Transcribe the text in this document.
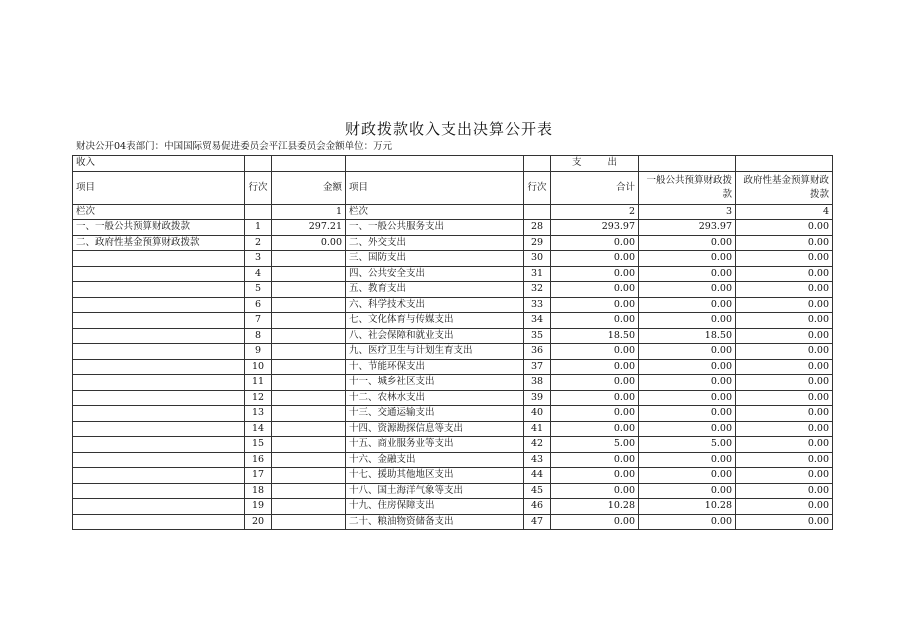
财政拨款收入支出决算公开表
财决公开04表部门：中国国际贸易促进委员会平江县委员会金额单位：万元
收入					支 出		
项目	行次	金额	项目	行次	合计	一般公共预算财政拨款	政府性基金预算财政拨款
栏次		1	栏次		2	3	4
一、一般公共预算财政拨款	1	297.21	一、一般公共服务支出	28	293.97	293.97	0.00
二、政府性基金预算财政拨款	2	0.00	二、外交支出	29	0.00	0.00	0.00
	3		三、国防支出	30	0.00	0.00	0.00
	4		四、公共安全支出	31	0.00	0.00	0.00
	5		五、教育支出	32	0.00	0.00	0.00
	6		六、科学技术支出	33	0.00	0.00	0.00
	7		七、文化体育与传媒支出	34	0.00	0.00	0.00
	8		八、社会保障和就业支出	35	18.50	18.50	0.00
	9		九、医疗卫生与计划生育支出	36	0.00	0.00	0.00
	10		十、节能环保支出	37	0.00	0.00	0.00
	11		十一、城乡社区支出	38	0.00	0.00	0.00
	12		十二、农林水支出	39	0.00	0.00	0.00
	13		十三、交通运输支出	40	0.00	0.00	0.00
	14		十四、资源勘探信息等支出	41	0.00	0.00	0.00
	15		十五、商业服务业等支出	42	5.00	5.00	0.00
	16		十六、金融支出	43	0.00	0.00	0.00
	17		十七、援助其他地区支出	44	0.00	0.00	0.00
	18		十八、国土海洋气象等支出	45	0.00	0.00	0.00
	19		十九、住房保障支出	46	10.28	10.28	0.00
	20		二十、粮油物资储备支出	47	0.00	0.00	0.00
